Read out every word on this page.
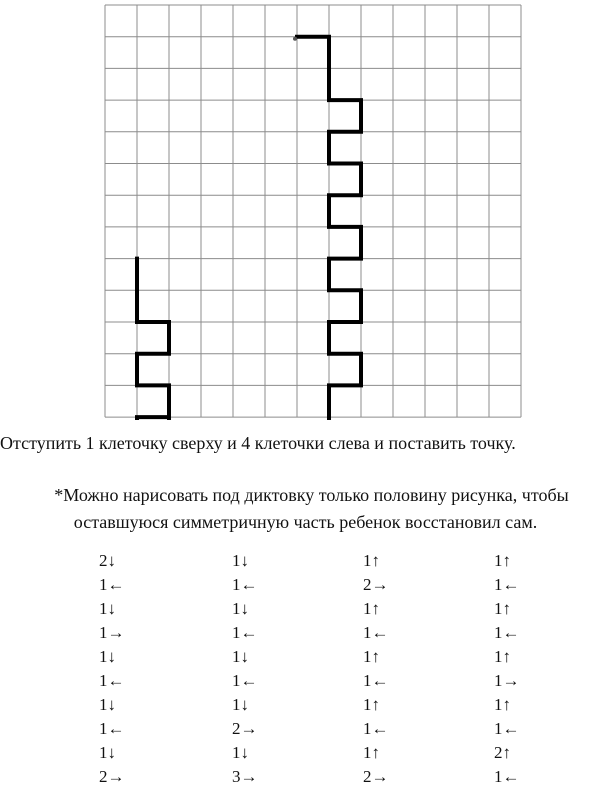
Отступить 1 клеточку сверху и 4 клеточки слева и поставить точку.
*Можно нарисовать под диктовку только половину рисунка, чтобы
оставшуюся симметричную часть ребенок восстановил сам.
2↓
1←
1↓
1→
1↓
1←
1↓
1←
1↓
2→
1↓
1←
1↓
1←
1↓
1←
1↓
2→
1↓
3→
1↑
2→
1↑
1←
1↑
1←
1↑
1←
1↑
2→
1↑
1←
1↑
1←
1↑
1→
1↑
1←
2↑
1←
